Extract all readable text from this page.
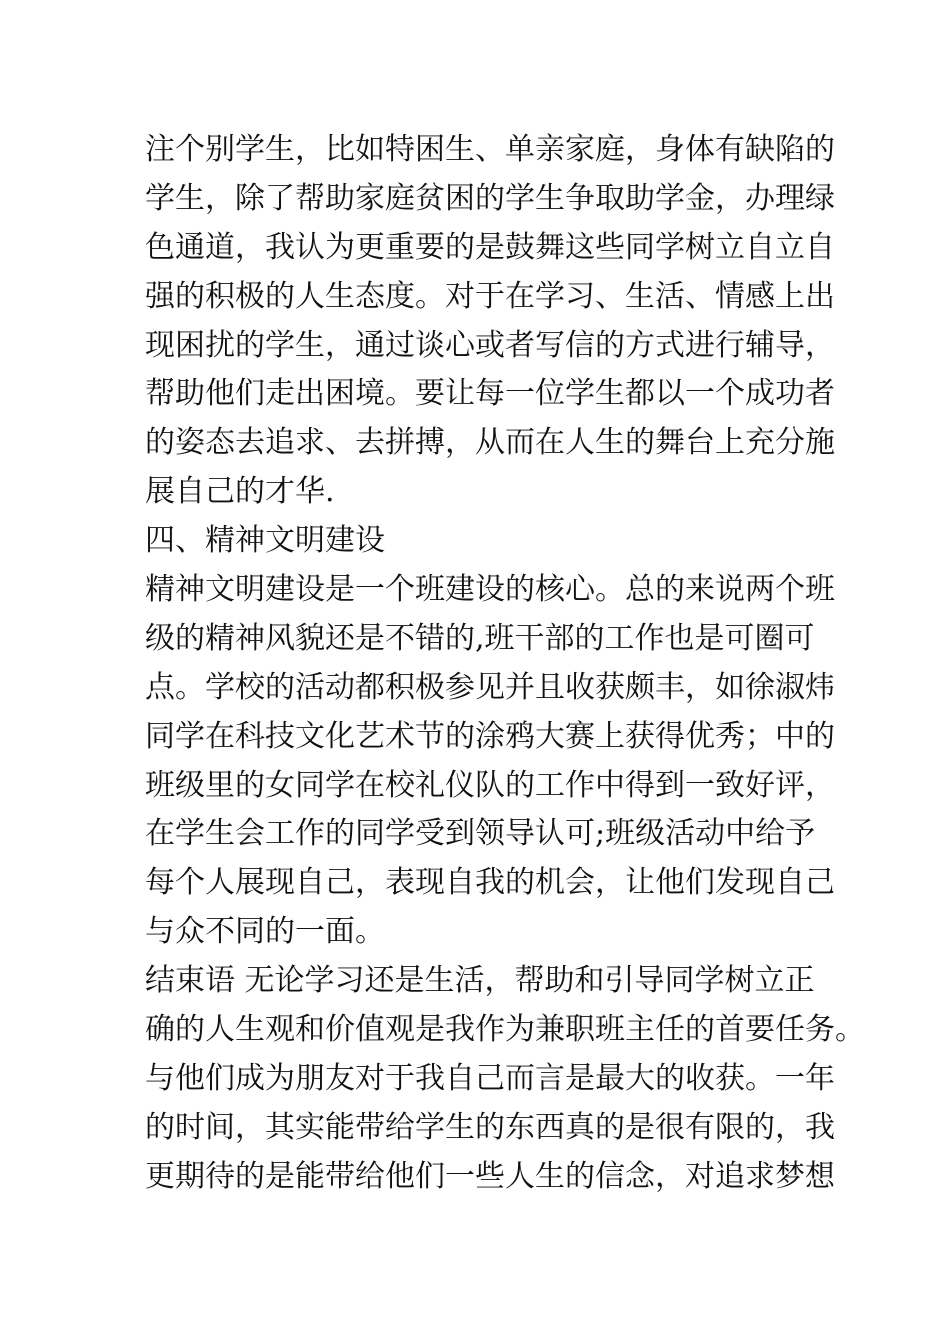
注个别学生，比如特困生、单亲家庭，身体有缺陷的
学生，除了帮助家庭贫困的学生争取助学金，办理绿
色通道，我认为更重要的是鼓舞这些同学树立自立自
强的积极的人生态度。对于在学习、生活、情感上出
现困扰的学生，通过谈心或者写信的方式进行辅导，
帮助他们走出困境。要让每一位学生都以一个成功者
的姿态去追求、去拼搏，从而在人生的舞台上充分施
展自己的才华.
四、精神文明建设
精神文明建设是一个班建设的核心。总的来说两个班
级的精神风貌还是不错的,班干部的工作也是可圈可
点。学校的活动都积极参见并且收获颇丰，如徐淑炜
同学在科技文化艺术节的涂鸦大赛上获得优秀；中的
班级里的女同学在校礼仪队的工作中得到一致好评，
在学生会工作的同学受到领导认可;班级活动中给予
每个人展现自己，表现自我的机会，让他们发现自己
与众不同的一面。
结束语 无论学习还是生活，帮助和引导同学树立正
确的人生观和价值观是我作为兼职班主任的首要任务。
与他们成为朋友对于我自己而言是最大的收获。一年
的时间，其实能带给学生的东西真的是很有限的，我
更期待的是能带给他们一些人生的信念，对追求梦想
